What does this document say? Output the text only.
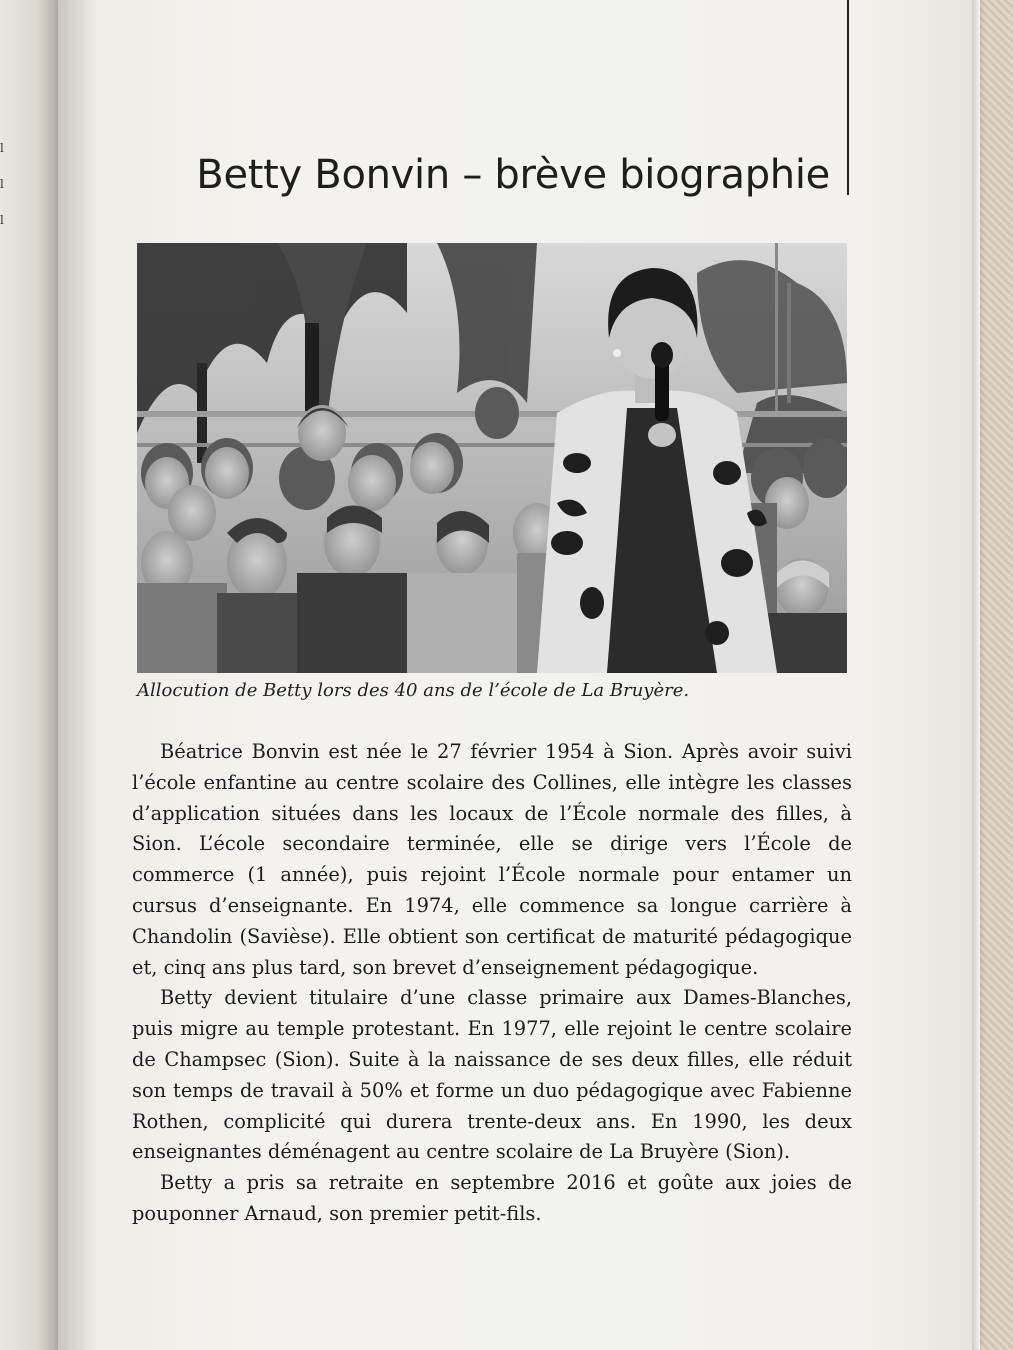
l
l
l
Betty Bonvin – brève biographie

Allocution de Betty lors des 40 ans de l’école de La Bruyère.

Béatrice Bonvin est née le 27 février 1954 à Sion. Après avoir suivi l’école enfantine au centre scolaire des Collines, elle intègre les classes d’application situées dans les locaux de l’École normale des filles, à Sion. L’école secondaire terminée, elle se dirige vers l’École de commerce (1 année), puis rejoint l’École normale pour entamer un cursus d’enseignante. En 1974, elle commence sa longue carrière à Chandolin (Savièse). Elle obtient son certificat de maturité pédagogique et, cinq ans plus tard, son brevet d’enseignement pédagogique.

Betty devient titulaire d’une classe primaire aux Dames-Blanches, puis migre au temple protestant. En 1977, elle rejoint le centre scolaire de Champsec (Sion). Suite à la naissance de ses deux filles, elle réduit son temps de travail à 50% et forme un duo pédagogique avec Fabienne Rothen, complicité qui durera trente-deux ans. En 1990, les deux enseignantes déménagent au centre scolaire de La Bruyère (Sion).

Betty a pris sa retraite en septembre 2016 et goûte aux joies de pouponner Arnaud, son premier petit-fils.
